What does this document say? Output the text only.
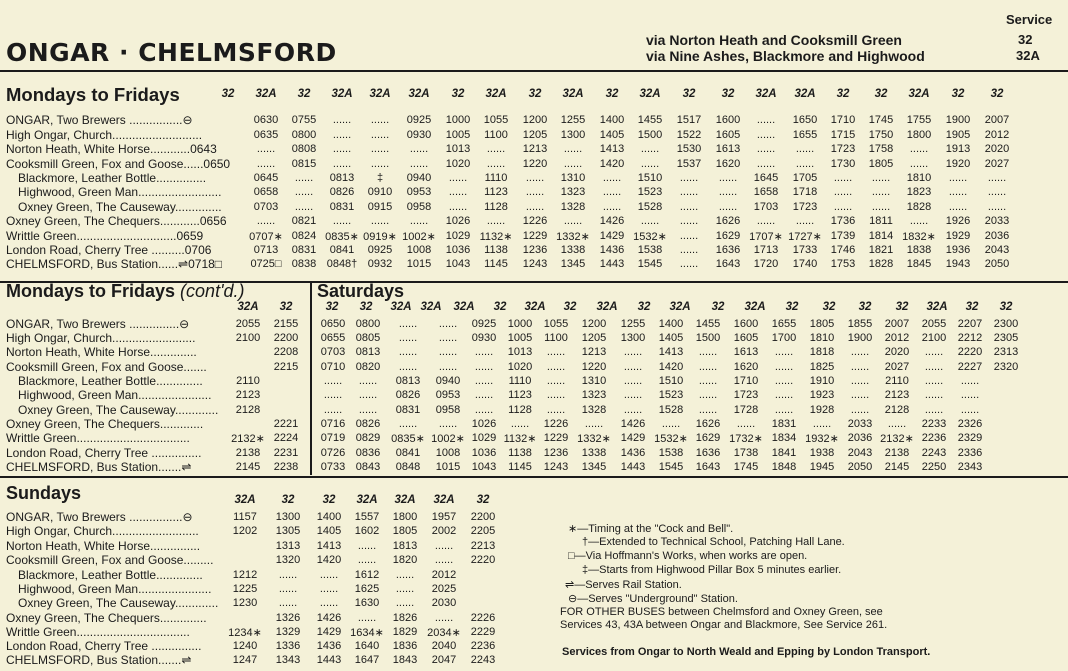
ONGAR · CHELMSFORD	via Norton Heath and Cooksmill Green
via Nine Ashes, Blackmore and Highwood
Service
32
32A
Mondays to Fridays
Mondays to Fridays (cont'd.)	Saturdays
Sundays
32	32A	32	32A	32A	32A	32	32A	32	32A	32	32A	32	32	32A	32A	32	32	32A	32	32
ONGAR, Two Brewers ................⊖	0630	0755	......	......	0925	1000	1055	1200	1255	1400	1455	1517	1600	......	1650	1710	1745	1755	1900	2007
High Ongar, Church...........................	0635	0800	......	......	0930	1005	1100	1205	1300	1405	1500	1522	1605	......	1655	1715	1750	1800	1905	2012
Norton Heath, White Horse............0643	......	0808	......	......	......	1013	......	1213	......	1413	......	1530	1613	......	......	1723	1758	......	1913	2020
Cooksmill Green, Fox and Goose......0650	......	0815	......	......	......	1020	......	1220	......	1420	......	1537	1620	......	......	1730	1805	......	1920	2027
Blackmore, Leather Bottle...............	0645	......	0813	‡	0940	......	1110	......	1310	......	1510	......	......	1645	1705	......	......	1810	......	......
Highwood, Green Man.........................	0658	......	0826	0910	0953	......	1123	......	1323	......	1523	......	......	1658	1718	......	......	1823	......	......
Oxney Green, The Causeway..............	0703	......	0831	0915	0958	......	1128	......	1328	......	1528	......	......	1703	1723	......	......	1828	......	......
Oxney Green, The Chequers............0656	......	0821	......	......	......	1026	......	1226	......	1426	......	......	1626	......	......	1736	1811	......	1926	2033
Writtle Green..............................0659	0707∗ 0824 0835∗ 0919∗ 1002∗ 1029 1132∗ 1229 1332∗ 1429 1532∗	......	1629 1707∗ 1727∗ 1739	1814 1832∗ 1929	2036
London Road, Cherry Tree ..........0706	0713	0831	0841	0925	1008	1036	1138	1236	1338	1436	1538	......	1636	1713	1733	1746	1821	1838	1936	2043
CHELMSFORD, Bus Station......⇌0718□	0725□ 0838 0848† 0932	1015	1043	1145	1243	1345	1443	1545	......	1643	1720	1740	1753	1828	1845	1943	2050
32A	32
ONGAR, Two Brewers ...............⊖	2055	2155
High Ongar, Church.........................	2100	2200
Norton Heath, White Horse..............	2208
Cooksmill Green, Fox and Goose.......	2215
Blackmore, Leather Bottle..............	2110
Highwood, Green Man......................	2123
Oxney Green, The Causeway.............	2128
Oxney Green, The Chequers.............	2221
Writtle Green..................................	2132∗ 2224
London Road, Cherry Tree ...............	2138	2231
CHELMSFORD, Bus Station.......⇌	2145	2238
32	32	32A 32A	32A	32	32A	32	32A	32	32A	32	32A	32	32	32	32	32A	32	32
0650 0800	......	......	0925	1000	1055	1200	1255	1400	1455	1600	1655	1805	1855	2007	2055	2207	2300
0655 0805	......	......	0930	1005	1100	1205	1300	1405	1500	1605	1700	1810	1900	2012	2100	2212	2305
0703 0813	......	......	......	1013	......	1213	......	1413	......	1613	......	1818	......	2020	......	2220	2313
0710 0820	......	......	......	1020	......	1220	......	1420	......	1620	......	1825	......	2027	......	2227	2320
......	......	0813	0940	......	1110	......	1310	......	1510	......	1710	......	1910	......	2110	......	......
......	......	0826	0953	......	1123	......	1323	......	1523	......	1723	......	1923	......	2123	......	......
......	......	0831	0958	......	1128	......	1328	......	1528	......	1728	......	1928	......	2128	......	......
0716 0826	......	......	1026	......	1226	......	1426	......	1626	......	1831	......	2033	......	2233	2326
0719 0829 0835∗ 1002∗ 1029 1132∗ 1229 1332∗ 1429 1532∗ 1629 1732∗ 1834 1932∗ 2036 2132∗ 2236	2329
0726 0836	0841	1008	1036	1138	1236	1338	1436	1538	1636	1738	1841	1938	2043	2138	2243	2336
0733 0843	0848	1015	1043	1145	1243	1345	1443	1545	1643	1745	1848	1945	2050	2145	2250	2343
32A	32	32	32A	32A	32A	32
ONGAR, Two Brewers ................⊖	1157	1300	1400	1557	1800	1957	2200
High Ongar, Church..........................	1202	1305	1405	1602	1805	2002	2205
Norton Heath, White Horse...............	1313	1413	......	1813	......	2213
Cooksmill Green, Fox and Goose.........	1320	1420	......	1820	......	2220
Blackmore, Leather Bottle..............	1212	......	......	1612	......	2012
Highwood, Green Man......................	1225	......	......	1625	......	2025
Oxney Green, The Causeway.............	1230	......	......	1630	......	2030
Oxney Green, The Chequers..............	1326	1426	......	1826	......	2226
Writtle Green..................................	1234∗	1329	1429 1634∗ 1829 2034∗ 2229
London Road, Cherry Tree ...............	1240	1336	1436	1640	1836	2040	2236
CHELMSFORD, Bus Station.......⇌	1247	1343	1443	1647	1843	2047	2243
∗—Timing at the "Cock and Bell".
†—Extended to Technical School, Patching Hall Lane.
□—Via Hoffmann's Works, when works are open.
‡—Starts from Highwood Pillar Box 5 minutes earlier.
⇌—Serves Rail Station.
⊖—Serves "Underground" Station.
FOR OTHER BUSES between Chelmsford and Oxney Green, see
Services 43, 43A between Ongar and Blackmore, See Service 261.
Services from Ongar to North Weald and Epping by London Transport.
